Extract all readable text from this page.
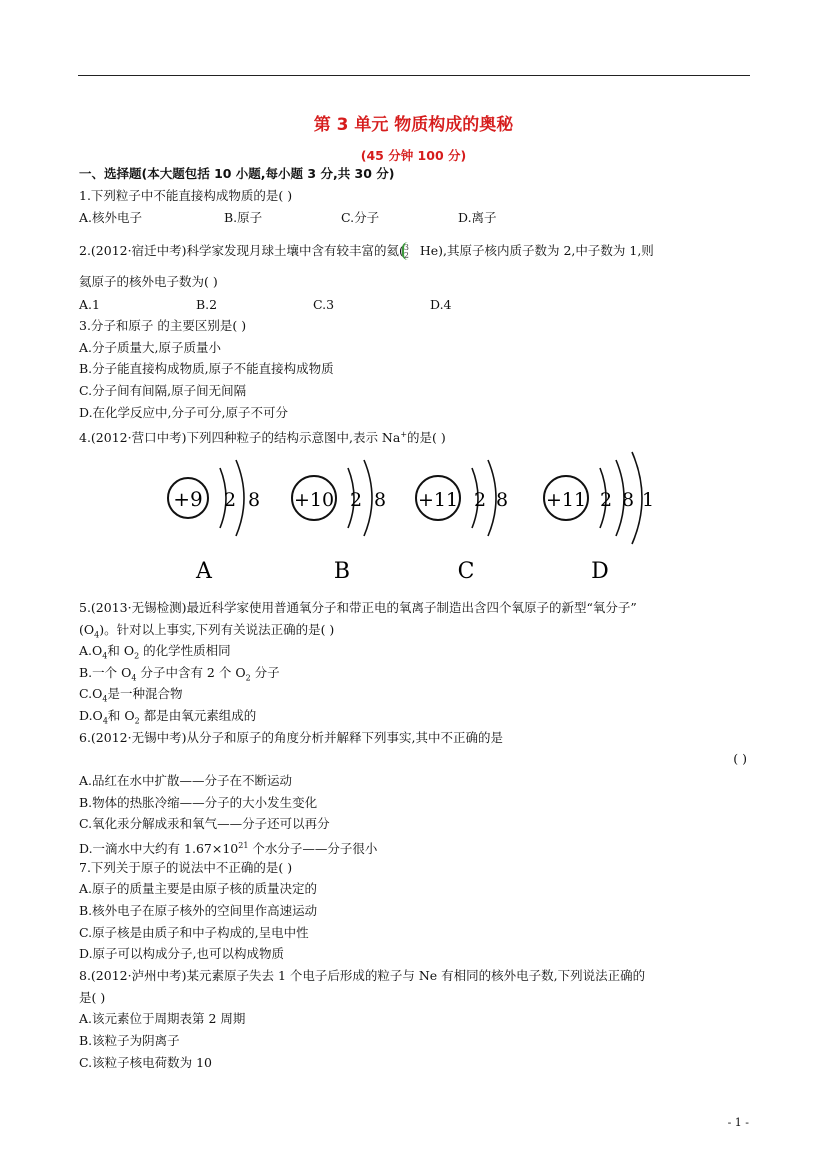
第 3 单元 物质构成的奥秘
(45 分钟 100 分)
一、选择题(本大题包括 10 小题,每小题 3 分,共 30 分)
1.下列粒子中不能直接构成物质的是( )
A.核外电子	B.原子	C.分子	D.离子
2.(2012·宿迁中考)科学家发现月球土壤中含有较丰富的氦( 3
2 He),其原子核内质子数为 2,中子数为 1,则
氦原子的核外电子数为( )
A.1	B.2	C.3	D.4
3.分子和原子 的主要区别是( )
A.分子质量大,原子质量小
B.分子能直接构成物质,原子不能直接构成物质
C.分子间有间隔,原子间无间隔
D.在化学反应中,分子可分,原子不可分
4.(2012·营口中考)下列四种粒子的结构示意图中,表示 Na+的是( )
+9 2 8
A
+10 2 8
B
+11 2 8
C
+11 2 8 1
D
5.(2013·无锡检测)最近科学家使用普通氧分子和带正电的氧离子制造出含四个氧原子的新型“氧分子”
$(O_4)$。针对以上事实,下列有关说法正确的是( )
$A.O_4$和 $O_2$ 的化学性质相同
B.一个 $O_4$ 分子中含有 2 个 $O_2$ 分子
$C.O_4$是一种混合物
$D.O_4$和 $O_2$ 都是由氧元素组成的
6.(2012·无锡中考)从分子和原子的角度分析并解释下列事实,其中不正确的是
( )
A.品红在水中扩散——分子在不断运动
B.物体的热胀冷缩——分子的大小发生变化
C.氧化汞分解成汞和氧气——分子还可以再分
D.一滴水中大约有 $1.67\times 10^{21}$ 个水分子——分子很小
7.下列关于原子的说法中不正确的是( )
A.原子的质量主要是由原子核的质量决定的
B.核外电子在原子核外的空间里作高速运动
C.原子核是由质子和中子构成的,呈电中性
D.原子可以构成分子,也可以构成物质
8.(2012·泸州中考)某元素原子失去 1 个电子后形成的粒子与 Ne 有相同的核外电子数,下列说法正确的
是( )
A.该元素位于周期表第 2 周期
B.该粒子为阴离子
C.该粒子核电荷数为 10
- 1 -
